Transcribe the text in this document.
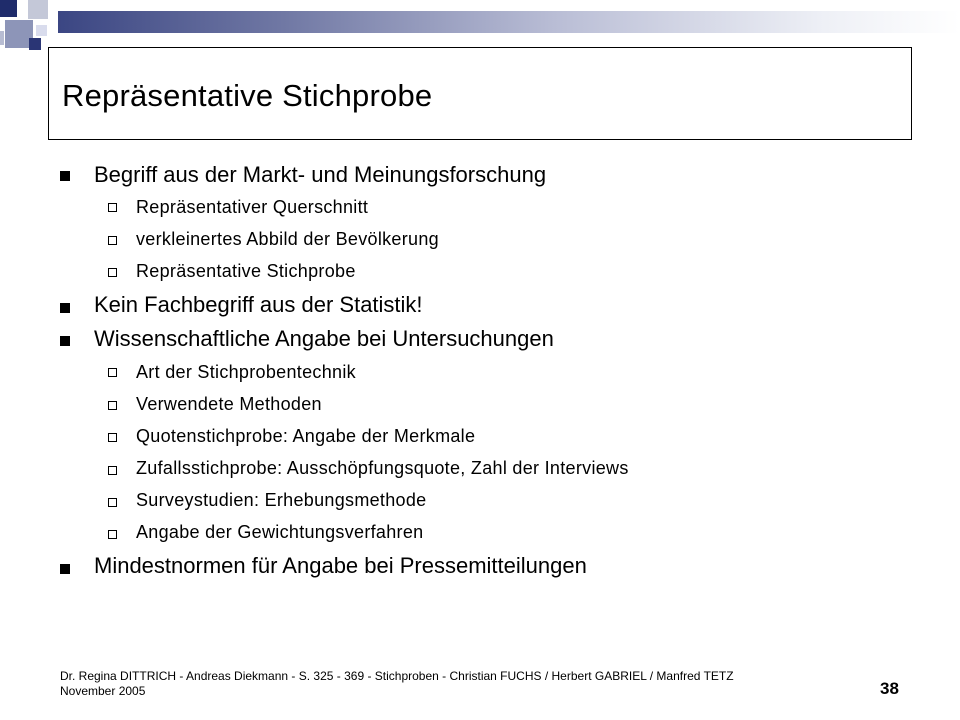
Repräsentative Stichprobe
Begriff aus der Markt- und Meinungsforschung
Repräsentativer Querschnitt
verkleinertes Abbild der Bevölkerung
Repräsentative Stichprobe
Kein Fachbegriff aus der Statistik!
Wissenschaftliche Angabe bei Untersuchungen
Art der Stichprobentechnik
Verwendete Methoden
Quotenstichprobe: Angabe der Merkmale
Zufallsstichprobe: Ausschöpfungsquote, Zahl der Interviews
Surveystudien: Erhebungsmethode
Angabe der Gewichtungsverfahren
Mindestnormen für Angabe bei Pressemitteilungen
Dr. Regina DITTRICH - Andreas Diekmann - S. 325 - 369 - Stichproben - Christian FUCHS / Herbert GABRIEL / Manfred TETZ
November 2005	38
